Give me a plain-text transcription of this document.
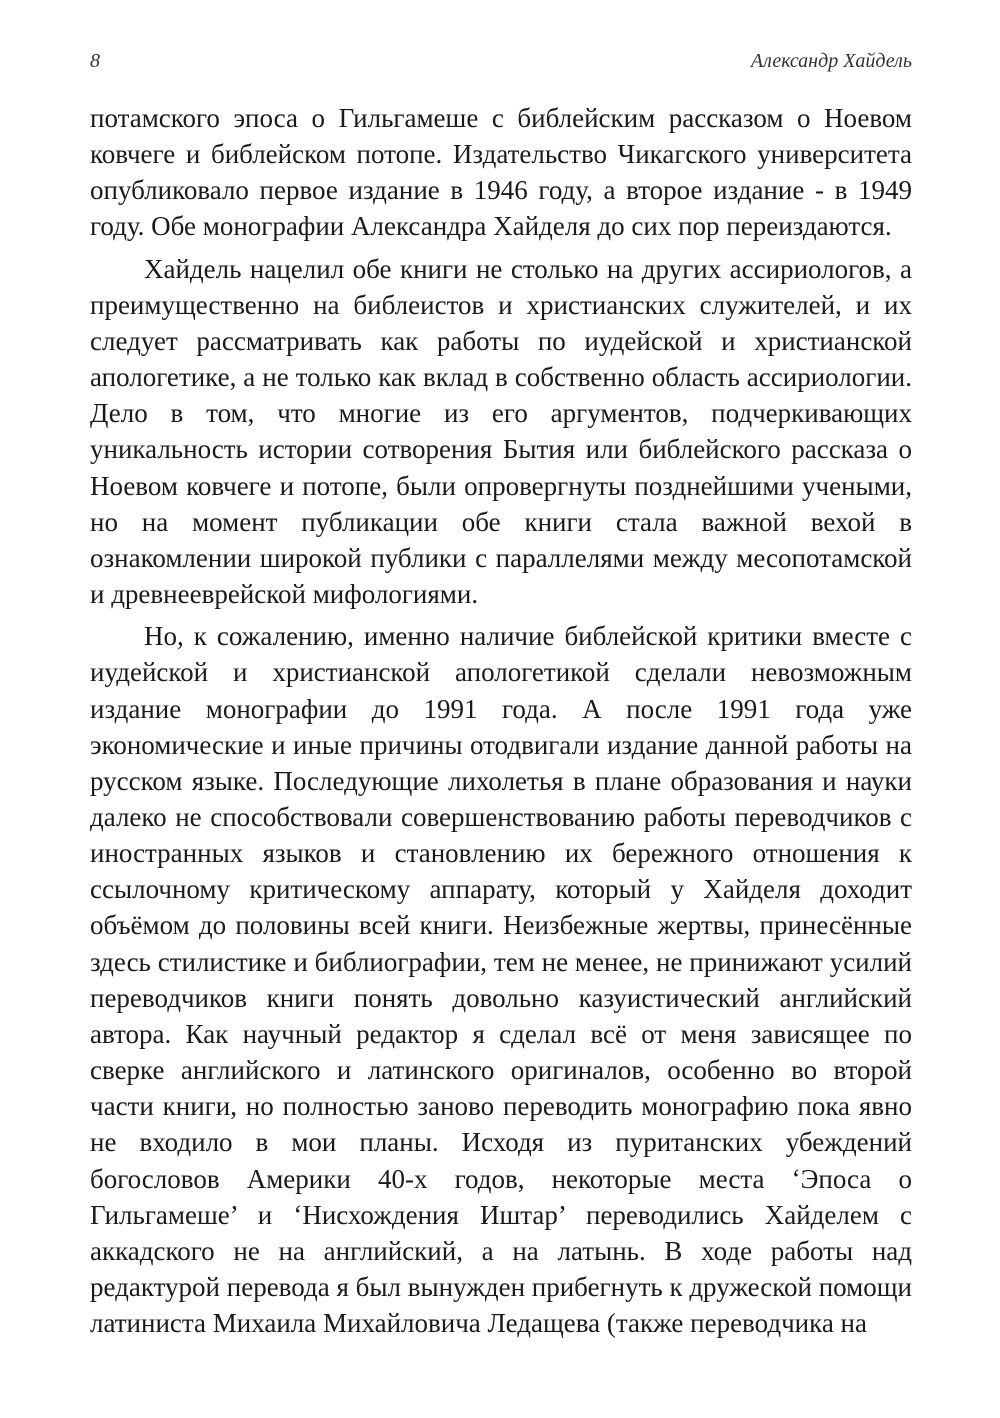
8	Александр Хайдель

потамского эпоса о Гильгамеше с библейским рассказом о Ноевом ковчеге и библейском потопе. Издательство Чикагского университета опубликовало первое издание в 1946 году, а второе издание - в 1949 году. Обе монографии Александра Хайделя до сих пор переиздаются.

Хайдель нацелил обе книги не столько на других ассириологов, а преимущественно на библеистов и христианских служителей, и их следует рассматривать как работы по иудейской и христианской апологетике, а не только как вклад в собственно область ассириологии. Дело в том, что многие из его аргументов, подчеркивающих уникальность истории сотворения Бытия или библейского рассказа о Ноевом ковчеге и потопе, были опровергнуты позднейшими учеными, но на момент публикации обе книги стала важной вехой в ознакомлении широкой публики с параллелями между месопотамской и древнееврейской мифологиями.

Но, к сожалению, именно наличие библейской критики вместе с иудейской и христианской апологетикой сделали невозможным издание монографии до 1991 года. А после 1991 года уже экономические и иные причины отодвигали издание данной работы на русском языке. Последующие лихолетья в плане образования и науки далеко не способствовали совершенствованию работы переводчиков с иностранных языков и становлению их бережного отношения к ссылочному критическому аппарату, который у Хайделя доходит объёмом до половины всей книги. Неизбежные жертвы, принесённые здесь стилистике и библиографии, тем не менее, не принижают усилий переводчиков книги понять довольно казуистический английский автора. Как научный редактор я сделал всё от меня зависящее по сверке английского и латинского оригиналов, особенно во второй части книги, но полностью заново переводить монографию пока явно не входило в мои планы. Исходя из пуританских убеждений богословов Америки 40-х годов, некоторые места ‘Эпоса о Гильгамеше’ и ‘Нисхождения Иштар’ переводились Хайделем с аккадского не на английский, а на латынь. В ходе работы над редактурой перевода я был вынужден прибегнуть к дружеской помощи латиниста Михаила Михайловича Ледащева (также переводчика на
